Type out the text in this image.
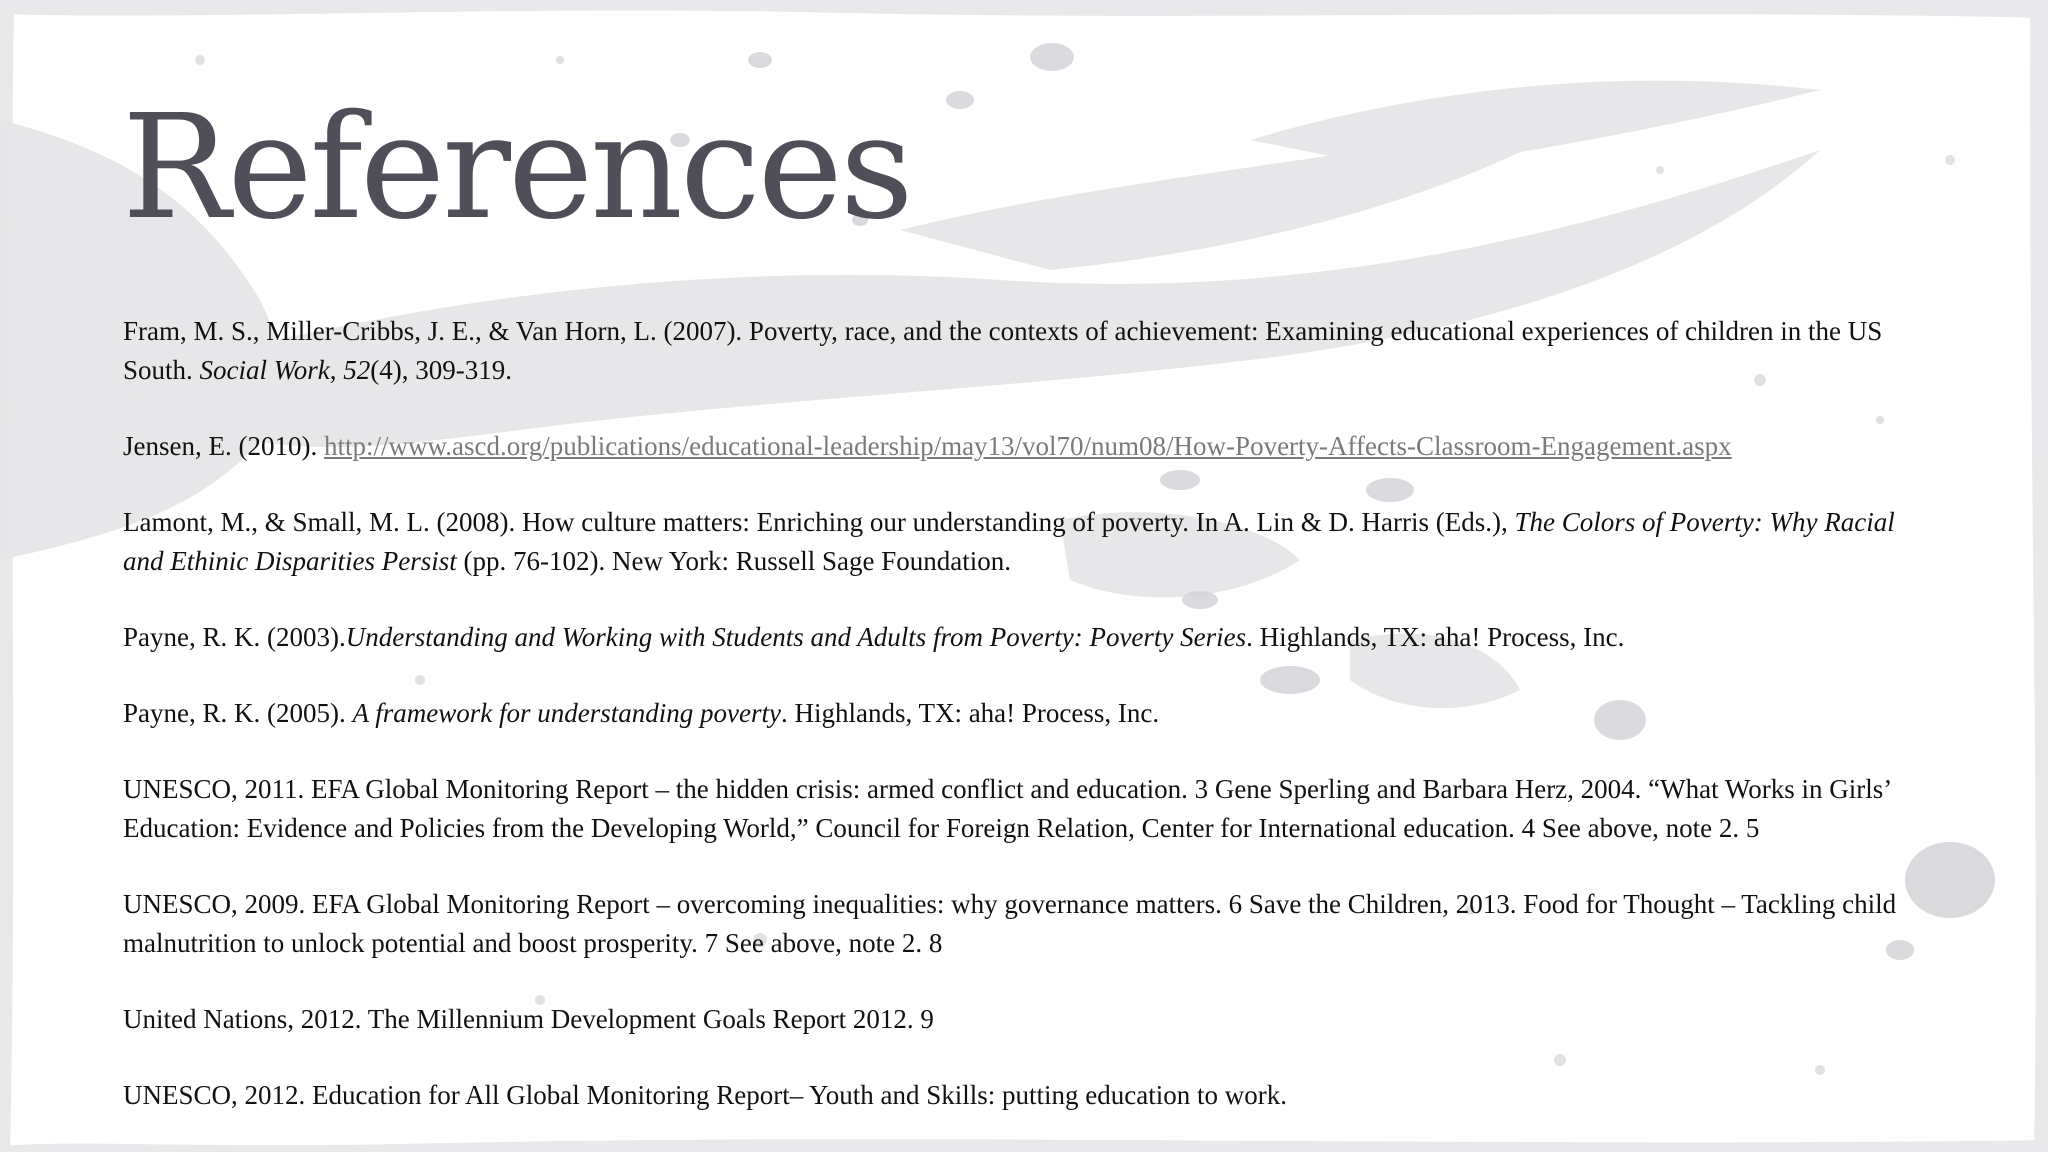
References

Fram, M. S., Miller-Cribbs, J. E., & Van Horn, L. (2007). Poverty, race, and the contexts of achievement: Examining educational experiences of children in the US South. Social Work, 52(4), 309-319.

Jensen, E. (2010). http://www.ascd.org/publications/educational-leadership/may13/vol70/num08/How-Poverty-Affects-Classroom-Engagement.aspx

Lamont, M., & Small, M. L. (2008). How culture matters: Enriching our understanding of poverty. In A. Lin & D. Harris (Eds.), The Colors of Poverty: Why Racial and Ethinic Disparities Persist (pp. 76-102). New York: Russell Sage Foundation.

Payne, R. K. (2003).Understanding and Working with Students and Adults from Poverty: Poverty Series. Highlands, TX: aha! Process, Inc.

Payne, R. K. (2005). A framework for understanding poverty. Highlands, TX: aha! Process, Inc.

UNESCO, 2011. EFA Global Monitoring Report – the hidden crisis: armed conflict and education. 3 Gene Sperling and Barbara Herz, 2004. “What Works in Girls’ Education: Evidence and Policies from the Developing World,” Council for Foreign Relation, Center for International education. 4 See above, note 2. 5

UNESCO, 2009. EFA Global Monitoring Report – overcoming inequalities: why governance matters. 6 Save the Children, 2013. Food for Thought – Tackling child malnutrition to unlock potential and boost prosperity. 7 See above, note 2. 8

United Nations, 2012. The Millennium Development Goals Report 2012. 9

UNESCO, 2012. Education for All Global Monitoring Report– Youth and Skills: putting education to work.
